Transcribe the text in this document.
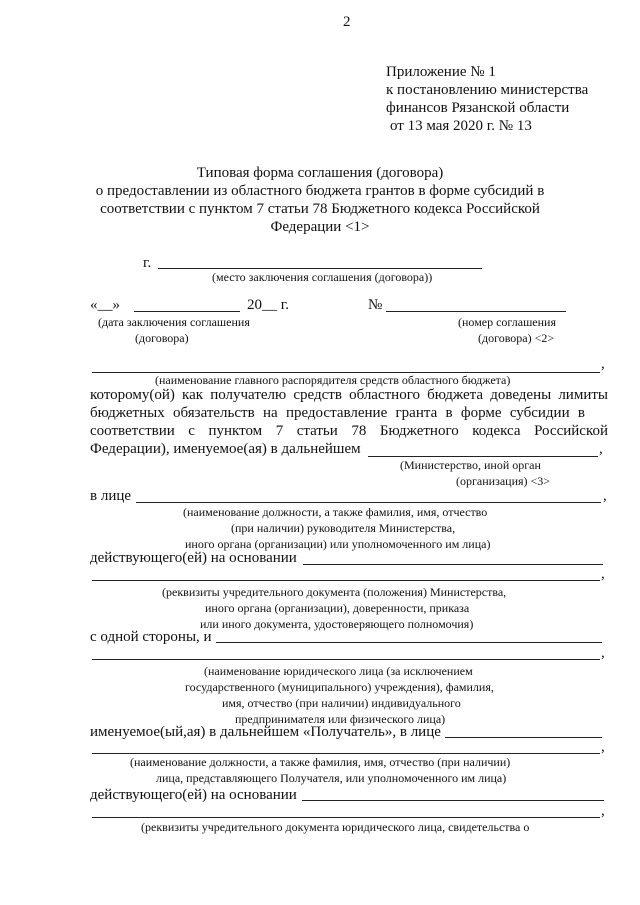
2
Приложение № 1
к постановлению министерства
финансов Рязанской области
от 13 мая 2020 г. № 13
Типовая форма соглашения (договора)
о предоставлении из областного бюджета грантов в форме субсидий в
соответствии с пунктом 7 статьи 78 Бюджетного кодекса Российской
Федерации <1>
г.
(место заключения соглашения (договора))
«__»	20__ г.	№
(дата заключения соглашения
(договора)
(номер соглашения
(договора) <2>
,
(наименование главного распорядителя средств областного бюджета)
которому(ой) как получателю средств областного бюджета доведены лимиты
бюджетных обязательств на предоставление гранта в форме субсидии в
соответствии с пунктом 7 статьи 78 Бюджетного кодекса Российской
Федерации), именуемое(ая) в дальнейшем	,
(Министерство, иной орган
(организация) <3>
в лице	,
(наименование должности, а также фамилия, имя, отчество
(при наличии) руководителя Министерства,
иного органа (организации) или уполномоченного им лица)
действующего(ей) на основании
,
(реквизиты учредительного документа (положения) Министерства,
иного органа (организации), доверенности, приказа
или иного документа, удостоверяющего полномочия)
с одной стороны, и
,
(наименование юридического лица (за исключением
государственного (муниципального) учреждения), фамилия,
имя, отчество (при наличии) индивидуального
предпринимателя или физического лица)
именуемое(ый,ая) в дальнейшем «Получатель», в лице
,
(наименование должности, а также фамилия, имя, отчество (при наличии)
лица, представляющего Получателя, или уполномоченного им лица)
действующего(ей) на основании
,
(реквизиты учредительного документа юридического лица, свидетельства о
